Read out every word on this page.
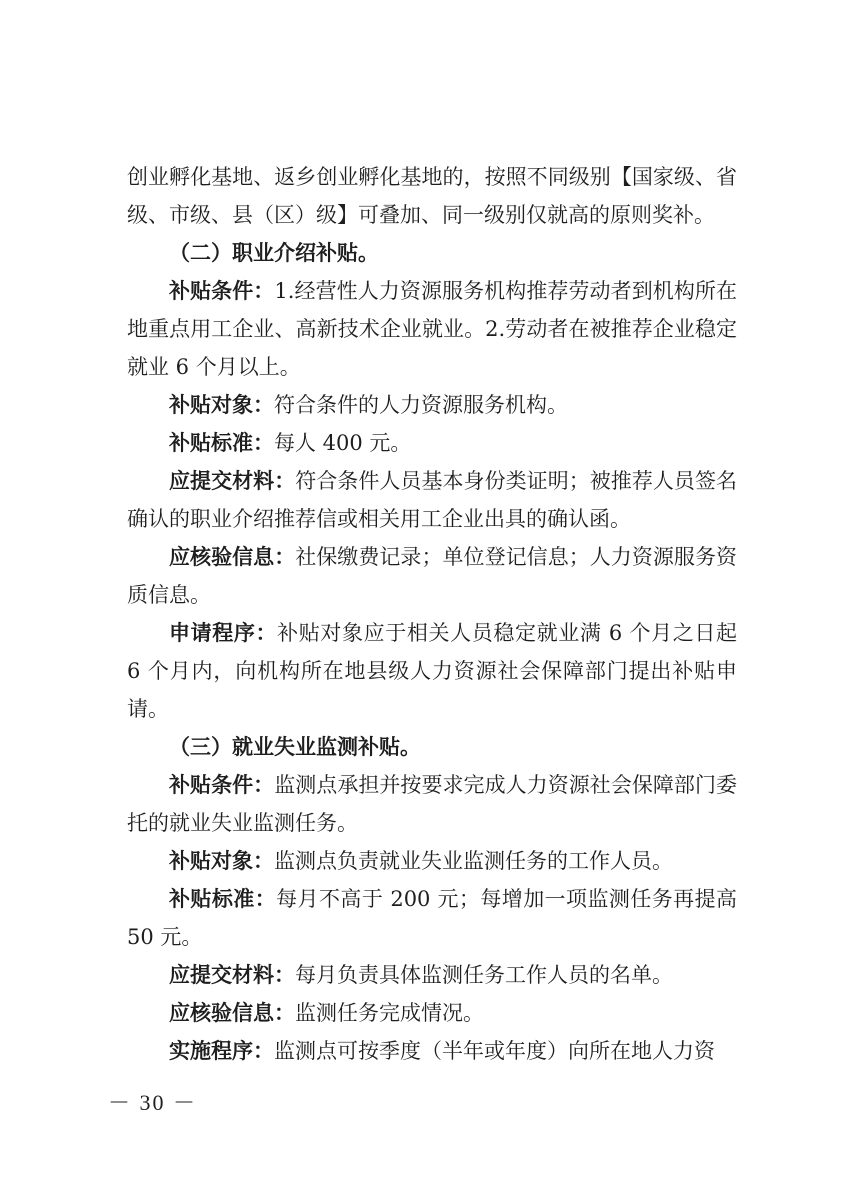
创业孵化基地、返乡创业孵化基地的，按照不同级别【国家级、省级、市级、县（区）级】可叠加、同一级别仅就高的原则奖补。

（二）职业介绍补贴。

补贴条件：1.经营性人力资源服务机构推荐劳动者到机构所在地重点用工企业、高新技术企业就业。2.劳动者在被推荐企业稳定就业 6 个月以上。

补贴对象：符合条件的人力资源服务机构。

补贴标准：每人 400 元。

应提交材料：符合条件人员基本身份类证明；被推荐人员签名确认的职业介绍推荐信或相关用工企业出具的确认函。

应核验信息：社保缴费记录；单位登记信息；人力资源服务资质信息。

申请程序：补贴对象应于相关人员稳定就业满 6 个月之日起 6 个月内，向机构所在地县级人力资源社会保障部门提出补贴申请。

（三）就业失业监测补贴。

补贴条件：监测点承担并按要求完成人力资源社会保障部门委托的就业失业监测任务。

补贴对象：监测点负责就业失业监测任务的工作人员。

补贴标准：每月不高于 200 元；每增加一项监测任务再提高 50 元。

应提交材料：每月负责具体监测任务工作人员的名单。

应核验信息：监测任务完成情况。

实施程序：监测点可按季度（半年或年度）向所在地人力资

－ 30 －
